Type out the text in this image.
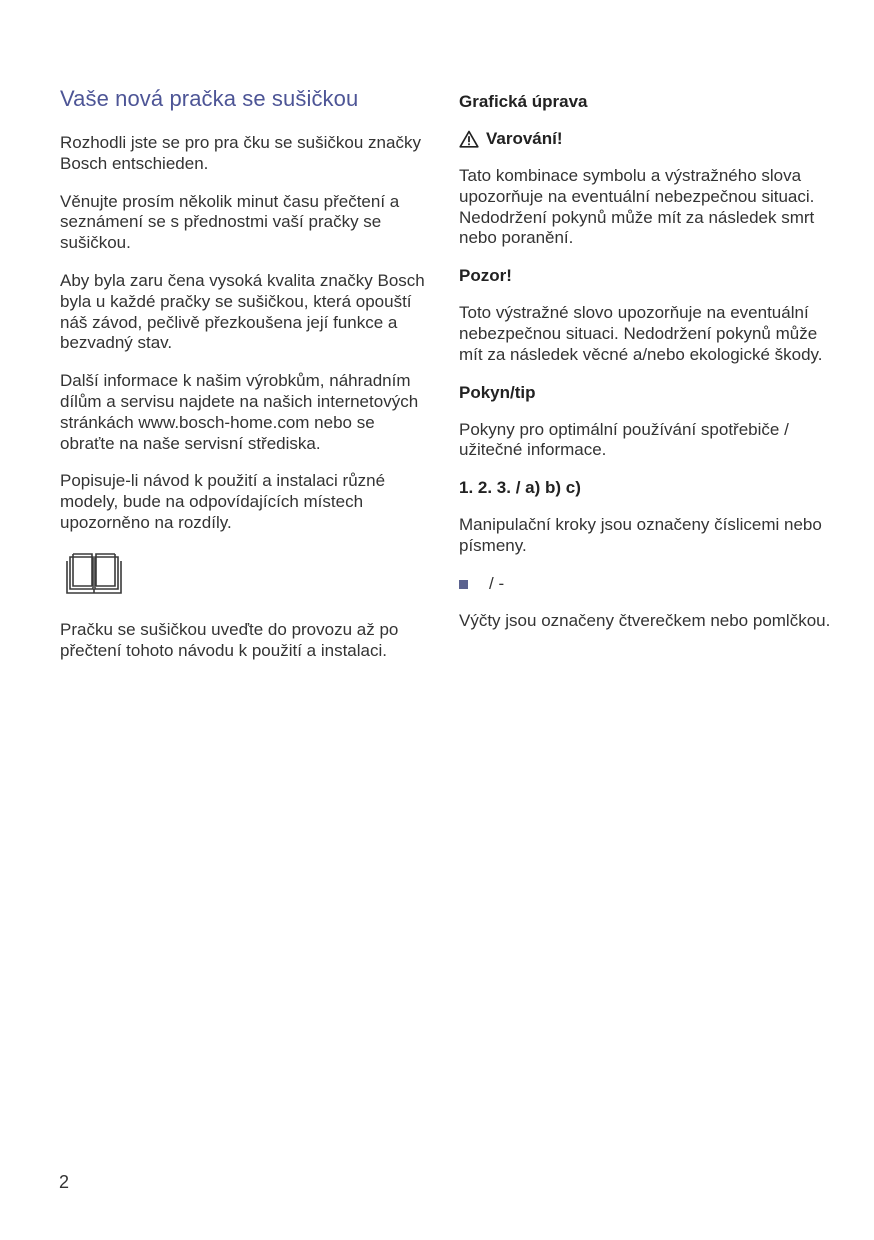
Vaše nová pračka se sušičkou

Rozhodli jste se pro pra čku se sušičkou značky Bosch entschieden.

Věnujte prosím několik minut času přečtení a seznámení se s přednostmi vaší pračky se sušičkou.

Aby byla zaru čena vysoká kvalita značky Bosch byla u každé pračky se sušičkou, která opouští náš závod, pečlivě přezkoušena její funkce a bezvadný stav.

Další informace k našim výrobkům, náhradním dílům a servisu najdete na našich internetových stránkách www.bosch-home.com nebo se obraťte na naše servisní střediska.

Popisuje-li návod k použití a instalaci různé modely, bude na odpovídajících místech upozorněno na rozdíly.

Pračku se sušičkou uveďte do provozu až po přečtení tohoto návodu k použití a instalaci.

Grafická úprava
Varování!

Tato kombinace symbolu a výstražného slova upozorňuje na eventuální nebezpečnou situaci. Nedodržení pokynů může mít za následek smrt nebo poranění.

Pozor!

Toto výstražné slovo upozorňuje na eventuální nebezpečnou situaci. Nedodržení pokynů může mít za následek věcné a/nebo ekologické škody.

Pokyn/tip

Pokyny pro optimální používání spotřebiče / užitečné informace.

1. 2. 3. / a) b) c)

Manipulační kroky jsou označeny číslicemi nebo písmeny.

/ -

Výčty jsou označeny čtverečkem nebo pomlčkou.

2
